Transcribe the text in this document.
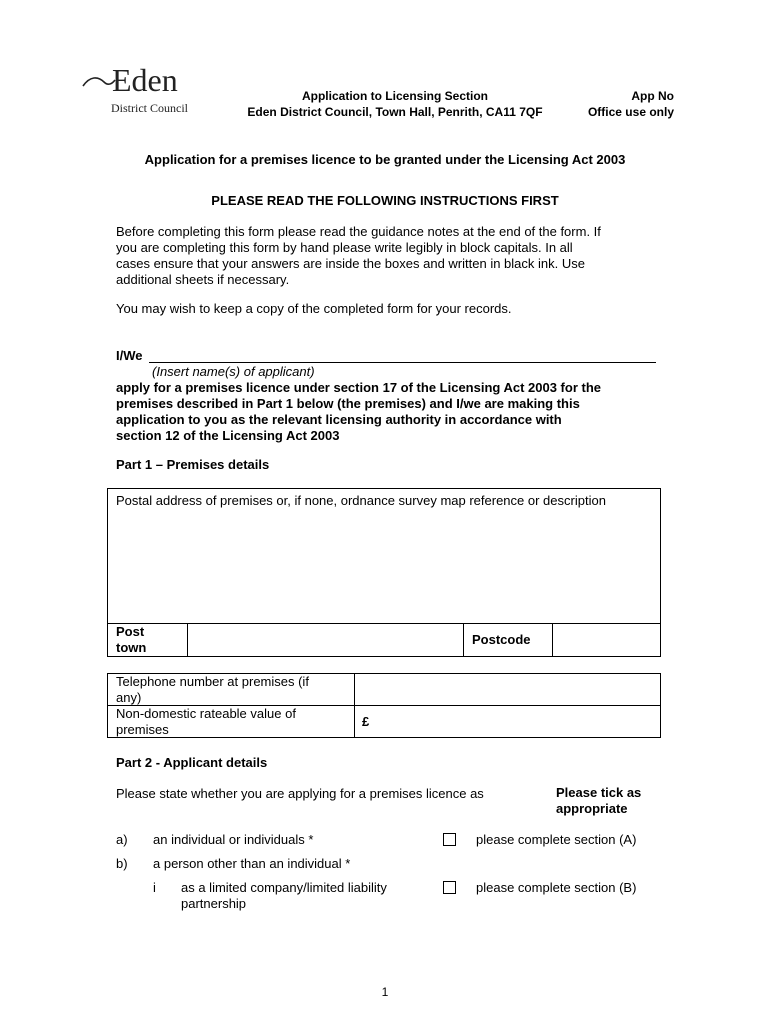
Eden
District Council
Application to Licensing Section
Eden District Council, Town Hall, Penrith, CA11 7QF
App No
Office use only
Application for a premises licence to be granted under the Licensing Act 2003
PLEASE READ THE FOLLOWING INSTRUCTIONS FIRST
Before completing this form please read the guidance notes at the end of the form. If
you are completing this form by hand please write legibly in block capitals. In all
cases ensure that your answers are inside the boxes and written in black ink. Use
additional sheets if necessary.
You may wish to keep a copy of the completed form for your records.
I/We
(Insert name(s) of applicant)
apply for a premises licence under section 17 of the Licensing Act 2003 for the
premises described in Part 1 below (the premises) and I/we are making this
application to you as the relevant licensing authority in accordance with
section 12 of the Licensing Act 2003
Part 1 – Premises details
Postal address of premises or, if none, ordnance survey map reference or description
Post
town
Postcode
Telephone number at premises (if
any)
Non-domestic rateable value of
premises
£
Part 2 - Applicant details
Please state whether you are applying for a premises licence as	Please tick as
appropriate
a) an individual or individuals *	please complete section (A)
b) a person other than an individual *
i as a limited company/limited liability
partnership
please complete section (B)
1
